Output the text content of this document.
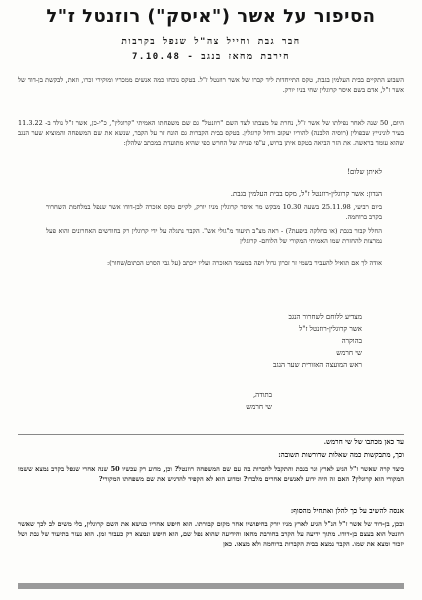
הסיפור על אשר ("איסק") רוזנטל ז"ל
חבר גבת וחייל צה"ל שנפל בקרבות
חירבת מחאז בנגב - 7.10.48
השבוע התקיים בבית העלמין בגבת, טקס התייחדות ליד קברו של אשר רוזנטל ז"ל. בטקס נוכחו כמה אנשים ממכריו ומוקירי זכרו, וזאת, לבקשת בן-דוד של אשר ז"ל, אדם בשם איסר קרוגלין שחי בניו יורק.
היום, 50 שנה לאחר נפילתו של אשר ז"ל, נחרת על מצבתו לצד השם "רוזנטל" גם שם משפחתו האמיתי "קרוגלין", כ"י-כן, אשר ז"ל נולד ב- 11.3.22 בעיר לונינייץ שבפולין (רוסיה הלבנה) להוריו יעקוב ורחל קרוגלין. בטקס בבית הקברות גם הונח זר על הקבר, שנשא את שם המשפחה והמוציא שער הנגב שהוא עומד בראשה. את הזר הביאה בטקס איתן ברוש, ע"פי פנייה של החרש כפי שהיא מתועדת במכתב שלהלן:
לאיתן שלום!
הנדון: אשר קרוגלין-רוזנטל ז"ל, מקס בבית העלמין בגבת.
ביום רביעי, 25.11.98 בשעה 10.30 מבקש מר איסר קרוגלין מניו יורק, לקיים טקס אזכרה לבן-דודו אשר שנפל במלחמת השחרור בקרב ברוחמה.
החלל קבור בגבת (או בחלקה ביפעת?) - ראה מצ"ב תיעוד מ"גולי אש". הקבר נתגלה על ידי קרוגלין רק בחודשים האחרונים והוא פעל נמרצות להחזרת שמו האמיתי המקורי של הלוחם- קרוגלין
אודה לך אם תואיל להעביר בשמי זר זכרון גדול ויפה במעמד האזכרה ועליו ייכתב (על גבי הסרט הכתום/שחור):
מצדיע ללוחם לשחרור הנגב
אשר קרוגלין-רוזנטל ז"ל
בהוקרה
שי חרמש
ראש המועצה האזורית שער הנגב
בתודה,
שי חרמש
עד כאן מכתבו של שי חרמש.
וכך, מתבקשות כמה שאלות שדורשות תשובה:
כיצד קרה שאשר ז"ל הגיע לארץ וגר בגבת והתקבל לחברות בה עם שם המשפחה רוזנטל? וכן, מדוע רק עכשיו 50 שנה אחרי שנפל בקרב נמצא ששמו המקורי הוא קרוגלין? האם זה היה ידוע לאנשים אחרים מלבדו? ומדוע הוא לא הקפיד להדגיש את שם משפחתו המקורי?
אנסה להשיב על כך להלן ואתחיל מהסוף:
ובכן, בן-דוד של אשר ז"ל הנ"ל הגיע לארץ מניו יורק בחיפושיו אחר מקום קבורתו. הוא חיפש אחריו כנושא את השם קרוגלין, בלי משים לב לכך שאשר רוזנטל הוא בעצם בן-דודו. מתוך ידיעה על הקרב בחורבת מחאז והידיעה שהוא נפל שם, הוא חיפש ונמצא רק כעבור זמן. הוא נעזר בתיעוד של גבת ושל יזכור ומצא את שמו. הקבר נמצא בבית הקברות ברוחמה ולא מצאו. כאן
